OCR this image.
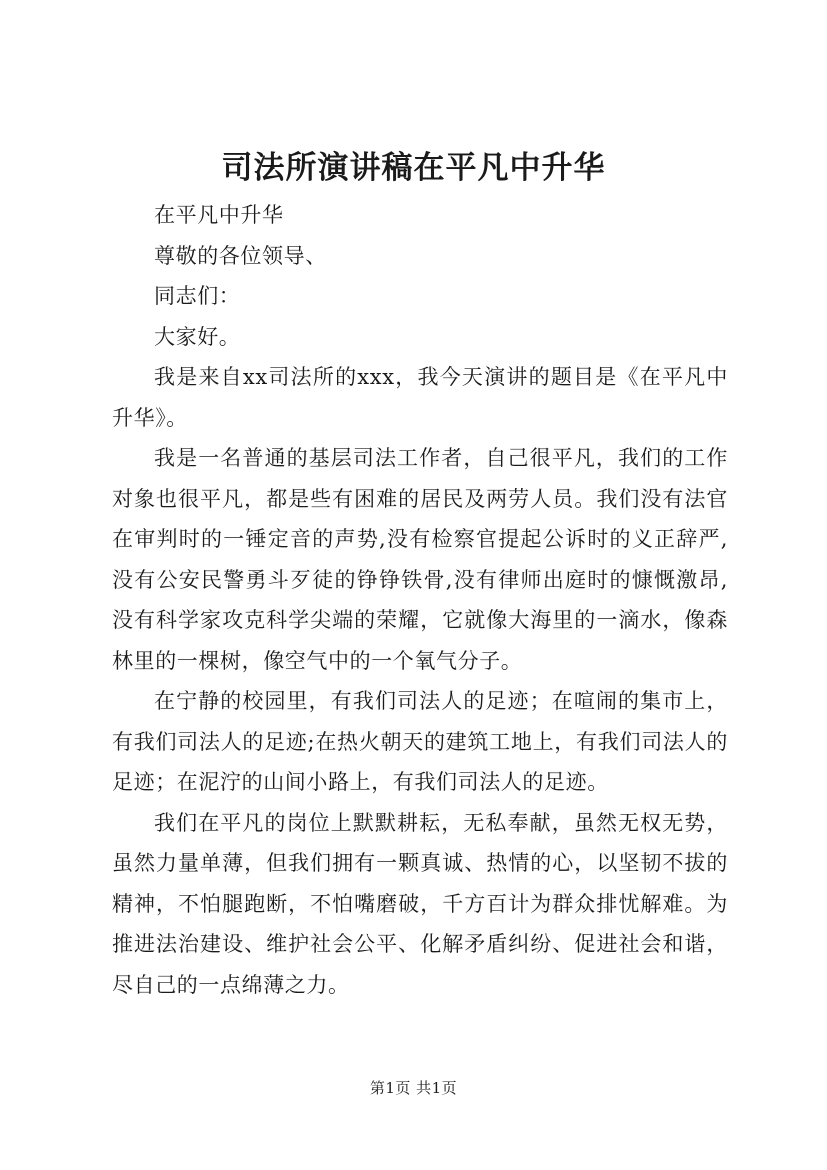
司法所演讲稿在平凡中升华

在平凡中升华

尊敬的各位领导、

同志们：

大家好。

我是来自xx司法所的xxx，我今天演讲的题目是《在平凡中升华》。

我是一名普通的基层司法工作者，自己很平凡，我们的工作对象也很平凡，都是些有困难的居民及两劳人员。我们没有法官在审判时的一锤定音的声势,没有检察官提起公诉时的义正辞严,没有公安民警勇斗歹徒的铮铮铁骨,没有律师出庭时的慷慨激昂,没有科学家攻克科学尖端的荣耀，它就像大海里的一滴水，像森林里的一棵树，像空气中的一个氧气分子。

在宁静的校园里，有我们司法人的足迹；在喧闹的集市上，有我们司法人的足迹;在热火朝天的建筑工地上，有我们司法人的足迹；在泥泞的山间小路上，有我们司法人的足迹。

我们在平凡的岗位上默默耕耘，无私奉献，虽然无权无势，虽然力量单薄，但我们拥有一颗真诚、热情的心，以坚韧不拔的精神，不怕腿跑断，不怕嘴磨破，千方百计为群众排忧解难。为推进法治建设、维护社会公平、化解矛盾纠纷、促进社会和谐，尽自己的一点绵薄之力。

第1页 共1页
